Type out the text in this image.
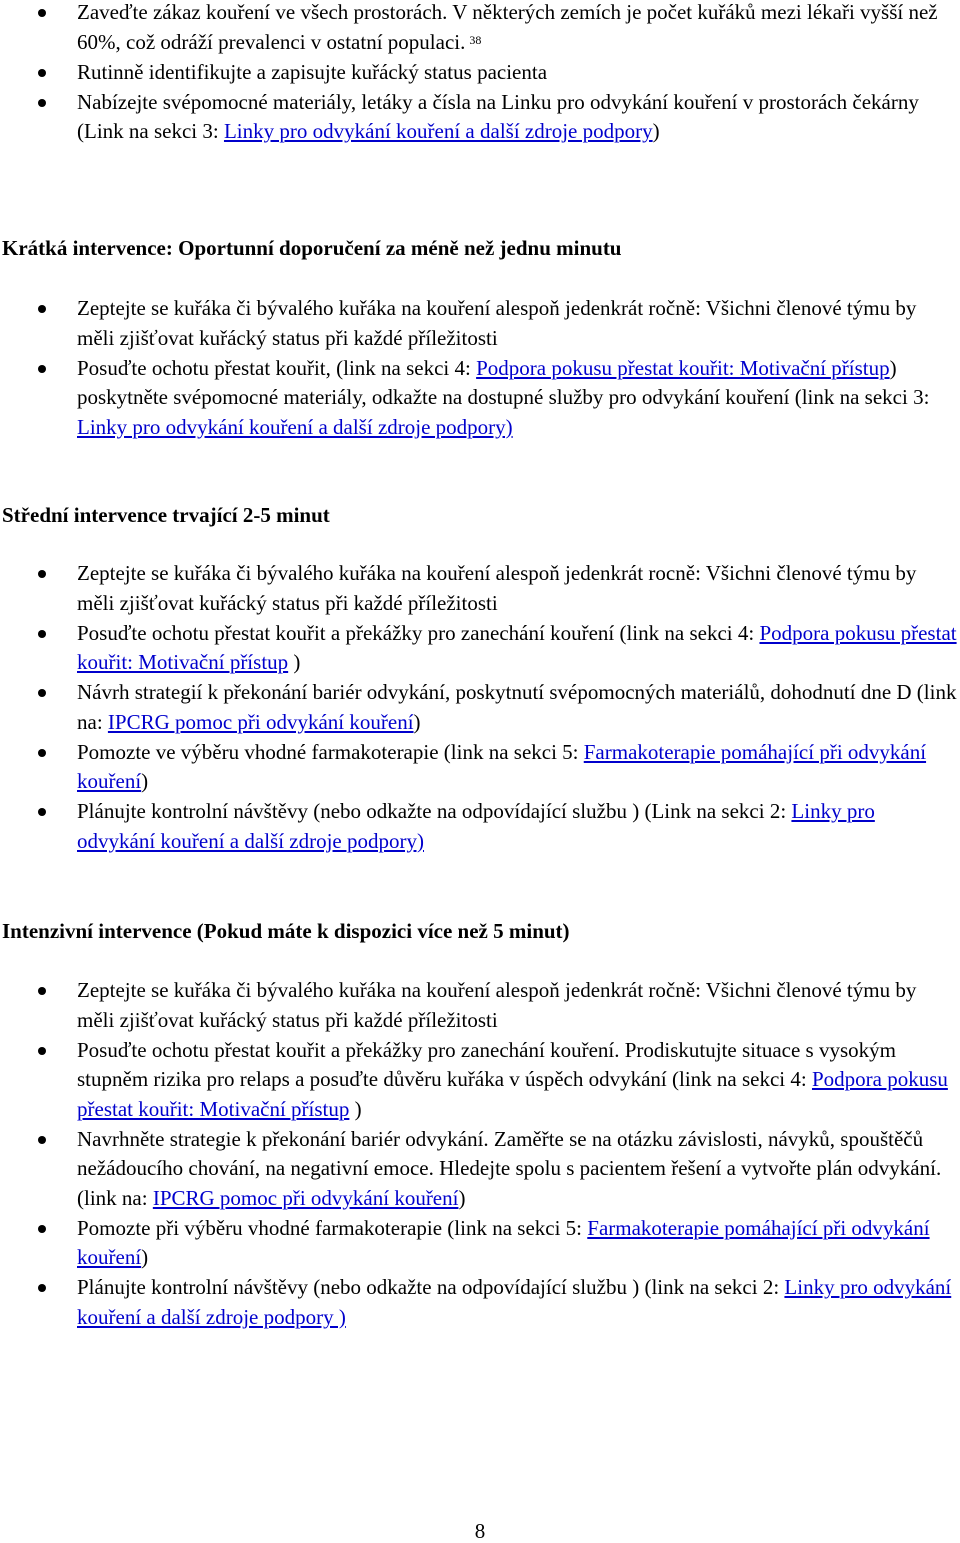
Zaveďte zákaz kouření ve všech prostorách. V některých zemích je počet kuřáků mezi lékaři vyšší než 60%, což odráží prevalenci v ostatní populaci. $^{38}$
Rutinně identifikujte a zapisujte kuřácký status pacienta
Nabízejte svépomocné materiály, letáky a čísla na Linku pro odvykání kouření v prostorách čekárny (Link na sekci 3: Linky pro odvykání kouření a další zdroje podpory)
Krátká intervence: Oportunní doporučení za méně než jednu minutu
Zeptejte se kuřáka či bývalého kuřáka na kouření alespoň jedenkrát ročně: Všichni členové týmu by měli zjišťovat kuřácký status při každé příležitosti
Posuďte ochotu přestat kouřit, (link na sekci 4: Podpora pokusu přestat kouřit: Motivační přístup) poskytněte svépomocné materiály, odkažte na dostupné služby pro odvykání kouření (link na sekci 3: Linky pro odvykání kouření a další zdroje podpory)
Střední intervence trvající 2-5 minut
Zeptejte se kuřáka či bývalého kuřáka na kouření alespoň jedenkrát rocně: Všichni členové týmu by měli zjišťovat kuřácký status při každé příležitosti
Posuďte ochotu přestat kouřit a překážky pro zanechání kouření (link na sekci 4: Podpora pokusu přestat kouřit: Motivační přístup )
Návrh strategií k překonání bariér odvykání, poskytnutí svépomocných materiálů, dohodnutí dne D (link na: IPCRG pomoc při odvykání kouření)
Pomozte ve výběru vhodné farmakoterapie (link na sekci 5: Farmakoterapie pomáhající při odvykání kouření)
Plánujte kontrolní návštěvy (nebo odkažte na odpovídající službu ) (Link na sekci 2: Linky pro odvykání kouření a další zdroje podpory)
Intenzivní intervence (Pokud máte k dispozici více než 5 minut)
Zeptejte se kuřáka či bývalého kuřáka na kouření alespoň jedenkrát ročně: Všichni členové týmu by měli zjišťovat kuřácký status při každé příležitosti
Posuďte ochotu přestat kouřit a překážky pro zanechání kouření. Prodiskutujte situace s vysokým stupněm rizika pro relaps a posuďte důvěru kuřáka v úspěch odvykání (link na sekci 4: Podpora pokusu přestat kouřit: Motivační přístup )
Navrhněte strategie k překonání bariér odvykání. Zaměřte se na otázku závislosti, návyků, spouštěčů nežádoucího chování, na negativní emoce. Hledejte spolu s pacientem řešení a vytvořte plán odvykání. (link na: IPCRG pomoc při odvykání kouření)
Pomozte při výběru vhodné farmakoterapie (link na sekci 5: Farmakoterapie pomáhající při odvykání kouření)
Plánujte kontrolní návštěvy (nebo odkažte na odpovídající službu ) (link na sekci 2: Linky pro odvykání kouření a další zdroje podpory )
8
